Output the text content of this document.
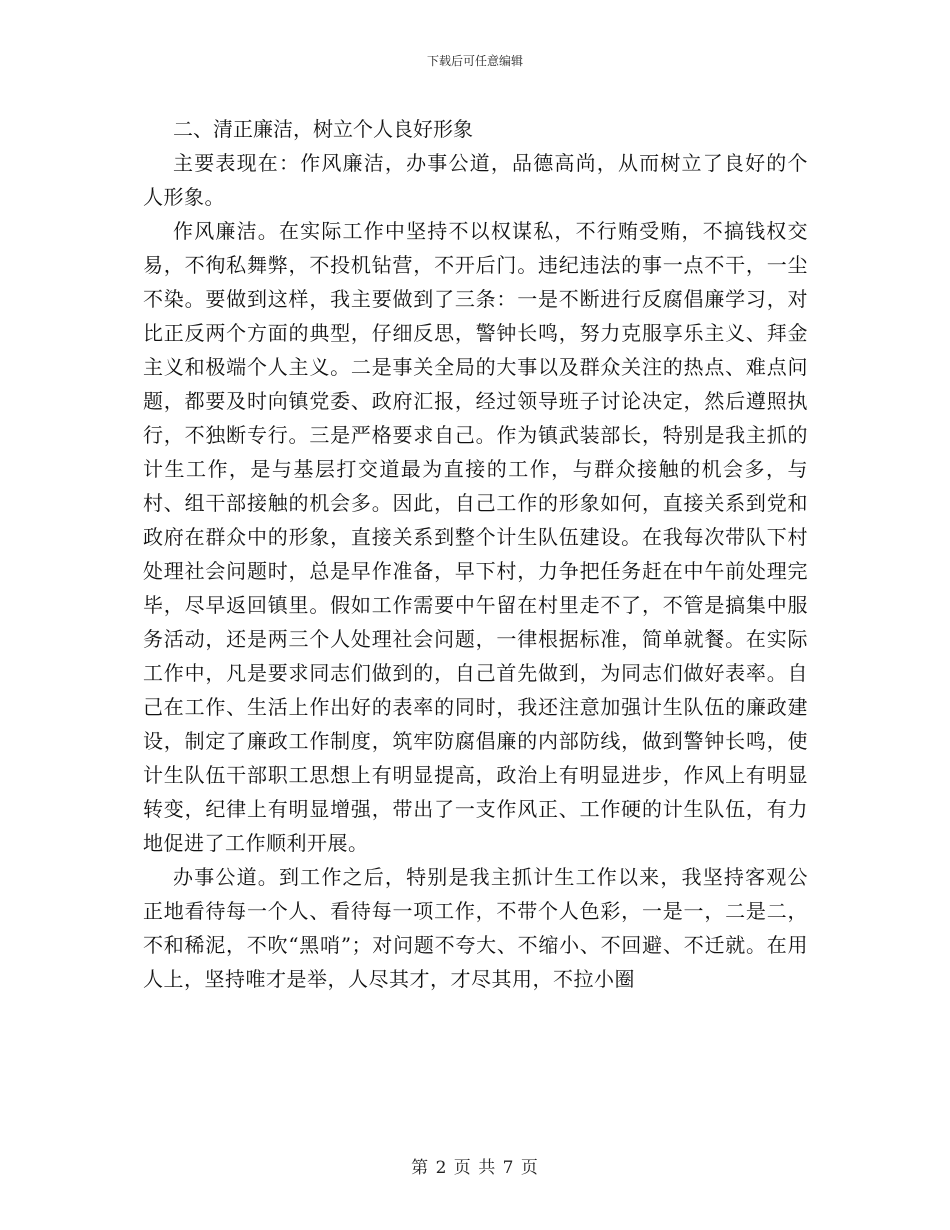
下载后可任意编辑

二、清正廉洁，树立个人良好形象

主要表现在：作风廉洁，办事公道，品德高尚，从而树立了良好的个人形象。

作风廉洁。在实际工作中坚持不以权谋私，不行贿受贿，不搞钱权交易，不徇私舞弊，不投机钻营，不开后门。违纪违法的事一点不干，一尘不染。要做到这样，我主要做到了三条：一是不断进行反腐倡廉学习，对比正反两个方面的典型，仔细反思，警钟长鸣，努力克服享乐主义、拜金主义和极端个人主义。二是事关全局的大事以及群众关注的热点、难点问题，都要及时向镇党委、政府汇报，经过领导班子讨论决定，然后遵照执行，不独断专行。三是严格要求自己。作为镇武装部长，特别是我主抓的计生工作，是与基层打交道最为直接的工作，与群众接触的机会多，与村、组干部接触的机会多。因此，自己工作的形象如何，直接关系到党和政府在群众中的形象，直接关系到整个计生队伍建设。在我每次带队下村处理社会问题时，总是早作准备，早下村，力争把任务赶在中午前处理完毕，尽早返回镇里。假如工作需要中午留在村里走不了，不管是搞集中服务活动，还是两三个人处理社会问题，一律根据标准，简单就餐。在实际工作中，凡是要求同志们做到的，自己首先做到，为同志们做好表率。自己在工作、生活上作出好的表率的同时，我还注意加强计生队伍的廉政建设，制定了廉政工作制度，筑牢防腐倡廉的内部防线，做到警钟长鸣，使计生队伍干部职工思想上有明显提高，政治上有明显进步，作风上有明显转变，纪律上有明显增强，带出了一支作风正、工作硬的计生队伍，有力地促进了工作顺利开展。

办事公道。到工作之后，特别是我主抓计生工作以来，我坚持客观公正地看待每一个人、看待每一项工作，不带个人色彩，一是一，二是二，不和稀泥，不吹“黑哨”；对问题不夸大、不缩小、不回避、不迁就。在用人上，坚持唯才是举，人尽其才，才尽其用，不拉小圈

第 2 页 共 7 页
